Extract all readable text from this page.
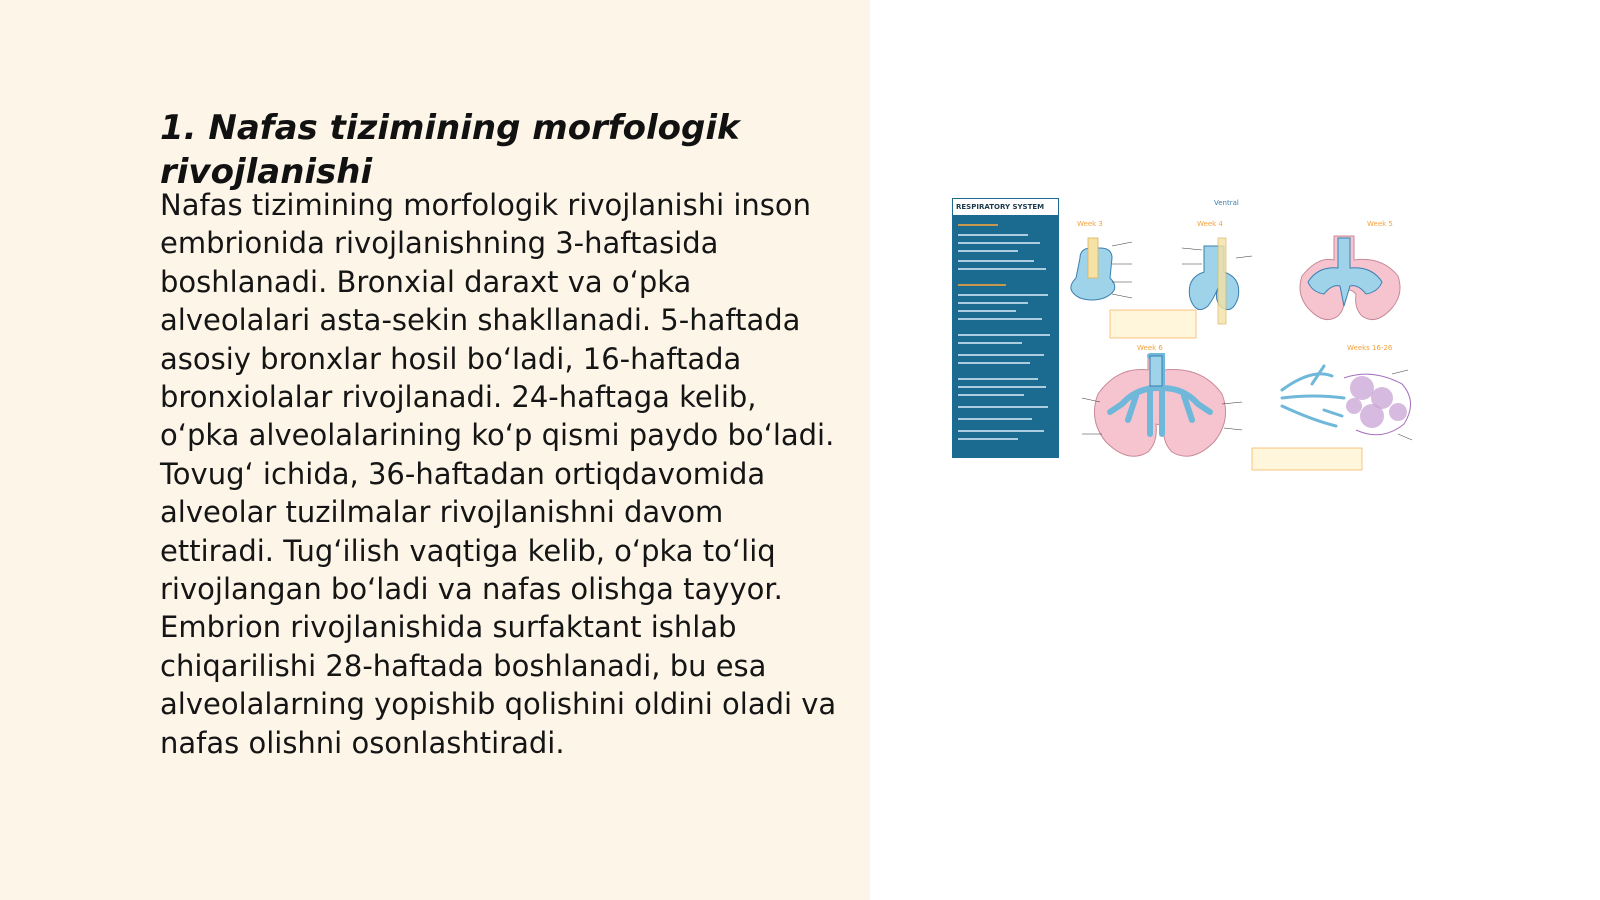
1. Nafas tizimining morfologik rivojlanishi

Nafas tizimining morfologik rivojlanishi inson embrionida rivojlanishning 3-haftasida boshlanadi. Bronxial daraxt va oʻpka alveolalari asta-sekin shakllanadi. 5-haftada asosiy bronxlar hosil boʻladi, 16-haftada bronxiolalar rivojlanadi. 24-haftaga kelib, oʻpka alveolalarining koʻp qismi paydo boʻladi. Tovugʻ ichida, 36-haftadan ortiqdavomida alveolar tuzilmalar rivojlanishni davom ettiradi. Tugʻilish vaqtiga kelib, oʻpka toʻliq rivojlangan boʻladi va nafas olishga tayyor. Embrion rivojlanishida surfaktant ishlab chiqarilishi 28-haftada boshlanadi, bu esa alveolalarning yopishib qolishini oldini oladi va nafas olishni osonlashtiradi.

RESPIRATORY SYSTEM	Ventral
Week 3	Week 4	Week 5
Week 6	Weeks 16-26
